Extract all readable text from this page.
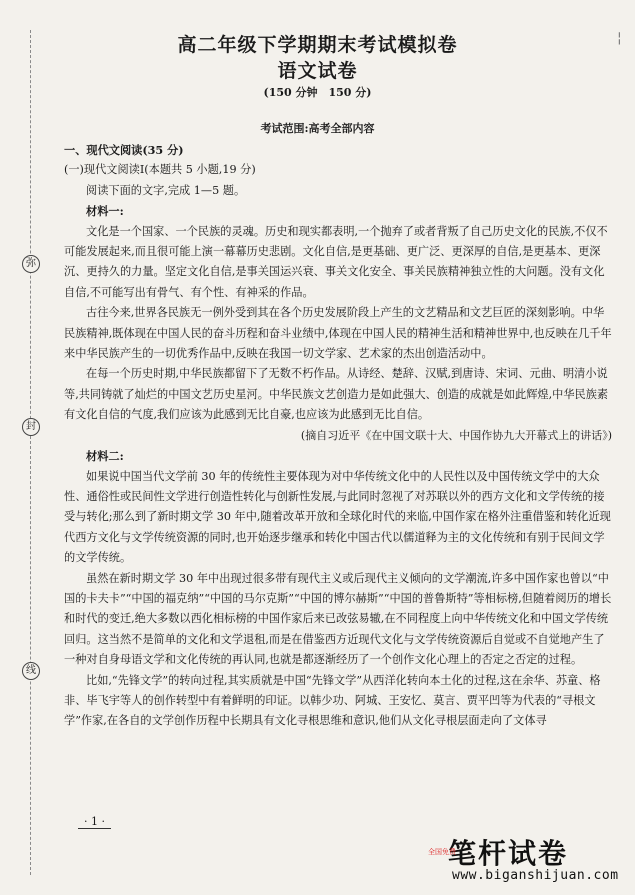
弥
封
线
¦
高二年级下学期期末考试模拟卷
语文试卷
(150 分钟　150 分)
考试范围:高考全部内容

一、现代文阅读(35 分)

(一)现代文阅读Ⅰ(本题共 5 小题,19 分)

阅读下面的文字,完成 1—5 题。

材料一:

文化是一个国家、一个民族的灵魂。历史和现实都表明,一个抛弃了或者背叛了自己历史文化的民族,不仅不可能发展起来,而且很可能上演一幕幕历史悲剧。文化自信,是更基础、更广泛、更深厚的自信,是更基本、更深沉、更持久的力量。坚定文化自信,是事关国运兴衰、事关文化安全、事关民族精神独立性的大问题。没有文化自信,不可能写出有骨气、有个性、有神采的作品。

古往今来,世界各民族无一例外受到其在各个历史发展阶段上产生的文艺精品和文艺巨匠的深刻影响。中华民族精神,既体现在中国人民的奋斗历程和奋斗业绩中,体现在中国人民的精神生活和精神世界中,也反映在几千年来中华民族产生的一切优秀作品中,反映在我国一切文学家、艺术家的杰出创造活动中。

在每一个历史时期,中华民族都留下了无数不朽作品。从诗经、楚辞、汉赋,到唐诗、宋词、元曲、明清小说等,共同铸就了灿烂的中国文艺历史星河。中华民族文艺创造力是如此强大、创造的成就是如此辉煌,中华民族素有文化自信的气度,我们应该为此感到无比自豪,也应该为此感到无比自信。

(摘自习近平《在中国文联十大、中国作协九大开幕式上的讲话》)

材料二:

如果说中国当代文学前 30 年的传统性主要体现为对中华传统文化中的人民性以及中国传统文学中的大众性、通俗性或民间性文学进行创造性转化与创新性发展,与此同时忽视了对苏联以外的西方文化和文学传统的接受与转化;那么到了新时期文学 30 年中,随着改革开放和全球化时代的来临,中国作家在格外注重借鉴和转化近现代西方文化与文学传统资源的同时,也开始逐步继承和转化中国古代以儒道释为主的文化传统和有别于民间文学的文学传统。

虽然在新时期文学 30 年中出现过很多带有现代主义或后现代主义倾向的文学潮流,许多中国作家也曾以“中国的卡夫卡”“中国的福克纳”“中国的马尔克斯”“中国的博尔赫斯”“中国的普鲁斯特”等相标榜,但随着阅历的增长和时代的变迁,绝大多数以西化相标榜的中国作家后来已改弦易辙,在不同程度上向中华传统文化和中国文学传统回归。这当然不是简单的文化和文学退租,而是在借鉴西方近现代文化与文学传统资源后自觉或不自觉地产生了一种对自身母语文学和文化传统的再认同,也就是都逐渐经历了一个创作文化心理上的否定之否定的过程。

比如,“先锋文学”的转向过程,其实质就是中国“先锋文学”从西洋化转向本土化的过程,这在余华、苏童、格非、毕飞宇等人的创作转型中有着鲜明的印证。以韩少功、阿城、王安忆、莫言、贾平凹等为代表的“寻根文学”作家,在各自的文学创作历程中长期具有文化寻根思维和意识,他们从文化寻根层面走向了文体寻

· 1 ·
全国免费
笔杆试卷
www.biganshijuan.com
